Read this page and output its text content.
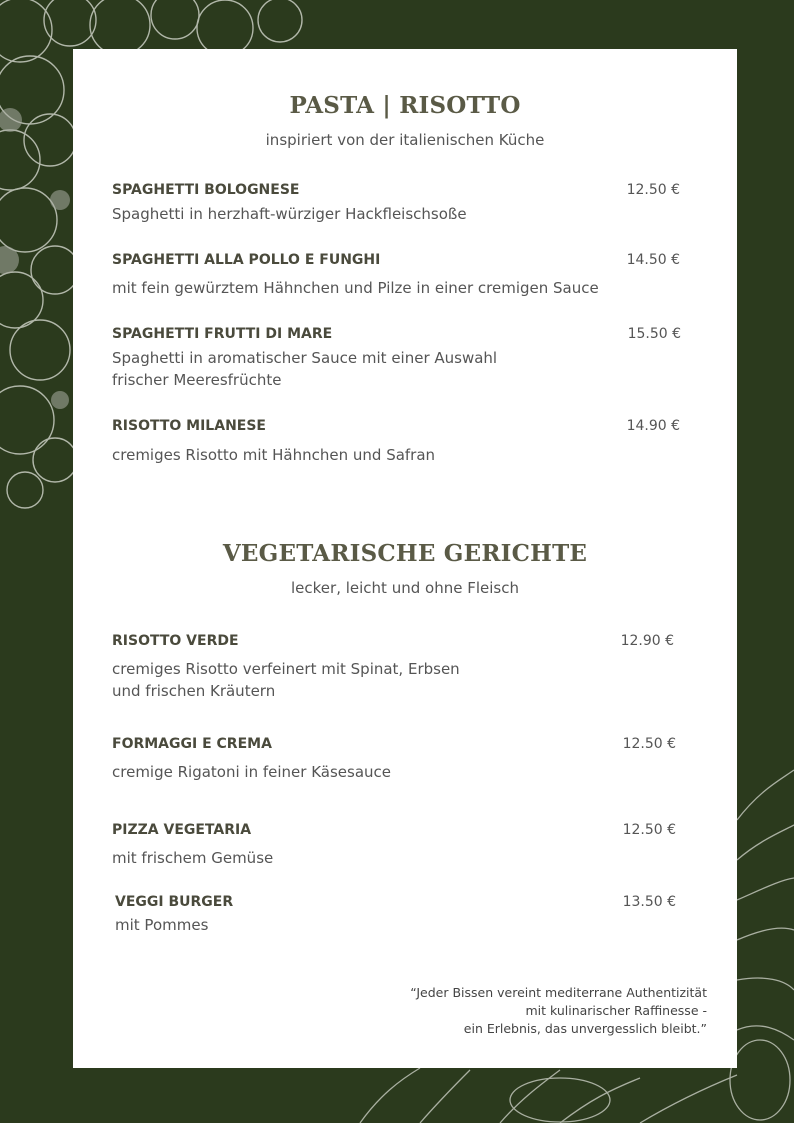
PASTA | RISOTTO
inspiriert von der italienischen Küche
SPAGHETTI BOLOGNESE	12.50 €
Spaghetti in herzhaft-würziger Hackfleischsoße
SPAGHETTI ALLA POLLO E FUNGHI	14.50 €
mit fein gewürztem Hähnchen und Pilze in einer cremigen Sauce
SPAGHETTI FRUTTI DI MARE	15.50 €
Spaghetti in aromatischer Sauce mit einer Auswahl
frischer Meeresfrüchte
RISOTTO MILANESE	14.90 €
cremiges Risotto mit Hähnchen und Safran
VEGETARISCHE GERICHTE
lecker, leicht und ohne Fleisch
RISOTTO VERDE	12.90 €
cremiges Risotto verfeinert mit Spinat, Erbsen
und frischen Kräutern
FORMAGGI E CREMA	12.50 €
cremige Rigatoni in feiner Käsesauce
PIZZA VEGETARIA	12.50 €
mit frischem Gemüse
VEGGI BURGER	13.50 €
mit Pommes
“Jeder Bissen vereint mediterrane Authentizität
mit kulinarischer Raffinesse -
ein Erlebnis, das unvergesslich bleibt.”
